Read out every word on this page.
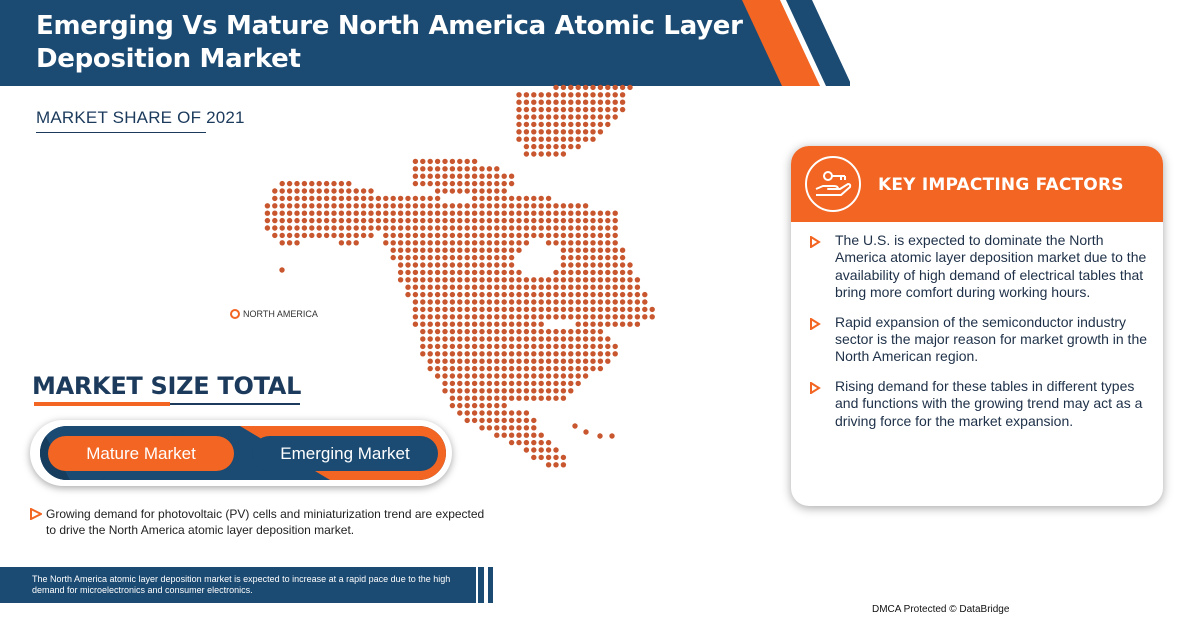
Emerging Vs Mature North America Atomic Layer Deposition Market
MARKET SHARE OF 2021
NORTH AMERICA
MARKET SIZE TOTAL
Mature Market	Emerging Market
Growing demand for photovoltaic (PV) cells and miniaturization trend are expected to drive the North America atomic layer deposition market.
The North America atomic layer deposition market is expected to increase at a rapid pace due to the high demand for microelectronics and consumer electronics.
DMCA Protected © DataBridge
KEY IMPACTING FACTORS
The U.S. is expected to dominate the North America atomic layer deposition market due to the availability of high demand of electrical tables that bring more comfort during working hours.
Rapid expansion of the semiconductor industry sector is the major reason for market growth in the North American region.
Rising demand for these tables in different types and functions with the growing trend may act as a driving force for the market expansion.
